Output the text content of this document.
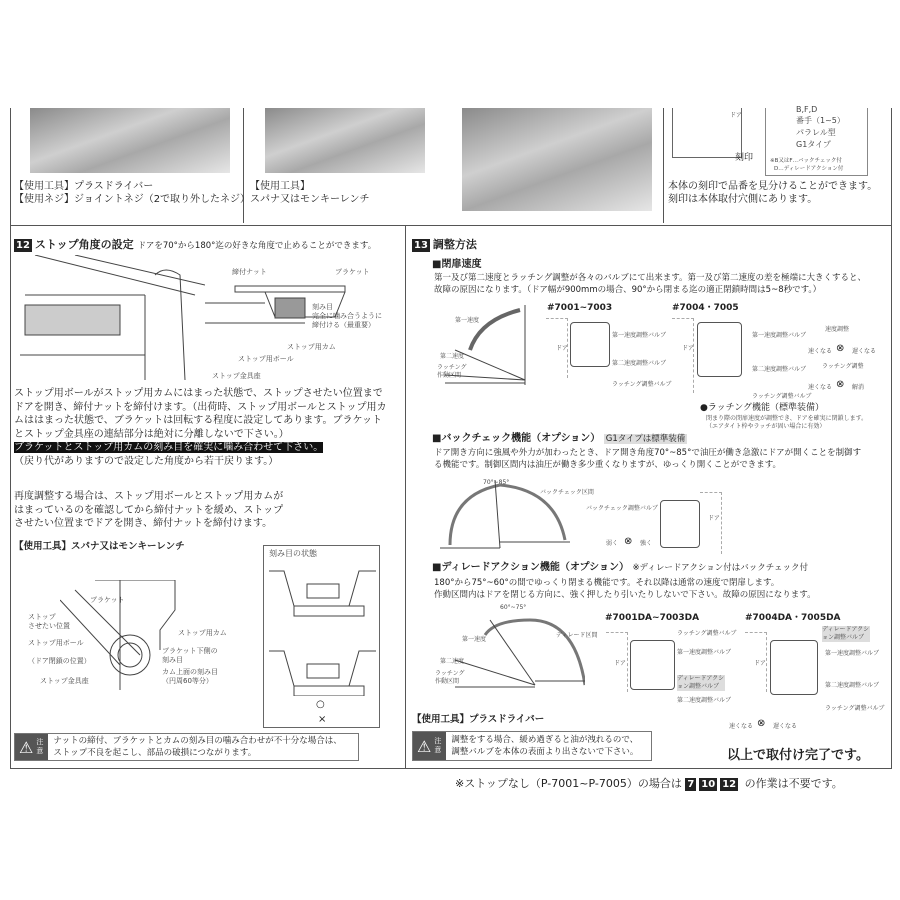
【使用工具】プラスドライバー
【使用ネジ】ジョイントネジ（2で取り外したネジ）
【使用工具】
スパナ又はモンキーレンチ
ドア
刻印
B,F,D
番手（1~5）
パラレル型
G1タイプ
※B又はF…バックチェック付
D…ディレードアクション付
本体の刻印で品番を見分けることができます。
刻印は本体取付穴側にあります。
12 ストップ角度の設定 ドアを70°から180°迄の好きな角度で止めることができます。
締付ナット	ブラケット
刻み目
完全に噛み合うように
締付ける（最重要）
ストップ用カム
ストップ用ボール
ストップ金具座
ストップ用ボールがストップ用カムにはまった状態で、ストップさせたい位置まで
ドアを開き、締付ナットを締付けます。（出荷時、ストップ用ボールとストップ用カ
ムははまった状態で、ブラケットは回転する程度に設定してあります。ブラケット
とストップ金具座の連結部分は絶対に分離しないで下さい。）
ブラケットとストップ用カムの刻み目を確実に噛み合わせて下さい。
（戻り代がありますので設定した角度から若干戻ります。）
再度調整する場合は、ストップ用ボールとストップ用カムが
はまっているのを確認してから締付ナットを緩め、ストップ
させたい位置までドアを開き、締付ナットを締付けます。
【使用工具】スパナ又はモンキーレンチ
ブラケット
ストップ
させたい位置
ストップ用ボール
（ドア閉鎖の位置）
ストップ金具座
ストップ用カム
ブラケット下側の
刻み目
カム上面の刻み目
（円周60等分）
刻み目の状態
○
×
⚠ 注意
ナットの締付、ブラケットとカムの刻み目の噛み合わせが不十分な場合は、
ストップ不良を起こし、部品の破損につながります。
13 調整方法
■閉扉速度
第一及び第二速度とラッチング調整が各々のバルブにて出来ます。第一及び第二速度の差を極端に大きくすると、
故障の原因になります。（ドア幅が900mmの場合、90°から閉まる迄の適正閉鎖時間は5~8秒です。）
第一速度
第二速度
ラッチング
作動区間
#7001~7003
ドア
第一速度調整バルブ
第二速度調整バルブ
ラッチング調整バルブ
#7004・7005
ドア
第一速度調整バルブ
第二速度調整バルブ
ラッチング調整バルブ
速度調整
速くなる ⊗ 遅くなる
ラッチング調整
速くなる ⊗ 解消
●ラッチング機能（標準装備）
閉まり際の閉扉速度が調整でき、ドアを確実に閉鎖します。
（エアタイト枠やラッチが固い場合に有効）
■バックチェック機能（オプション） G1タイプは標準装備
ドア開き方向に強風や外力が加わったとき、ドア開き角度70°~85°で油圧が働き急激にドアが開くことを制御す
る機能です。制御区間内は油圧が働き多少重くなりますが、ゆっくり開くことができます。
70°~85°
バックチェック区間
バックチェック調整バルブ
ドア
弱く ⊗ 強く
■ディレードアクション機能（オプション） ※ディレードアクション付はバックチェック付
180°から75°~60°の間でゆっくり閉まる機能です。それ以降は通常の速度で閉扉します。
作動区間内はドアを閉じる方向に、強く押したり引いたりしないで下さい。故障の原因になります。
60°~75°
ディレード区間
第一速度
第二速度
ラッチング
作動区間
#7001DA~7003DA
ドア
ラッチング調整バルブ
第一速度調整バルブ
ディレードアクション調整バルブ
第二速度調整バルブ
#7004DA・7005DA
ドア
ディレードアクション調整バルブ
第一速度調整バルブ
第二速度調整バルブ
ラッチング調整バルブ
速くなる ⊗ 遅くなる
【使用工具】プラスドライバー
⚠ 注意
調整をする場合、緩め過ぎると油が洩れるので、
調整バルブを本体の表面より出さないで下さい。	以上で取付け完了です。
※ストップなし（P-7001~P-7005）の場合は 7 10 12 の作業は不要です。
